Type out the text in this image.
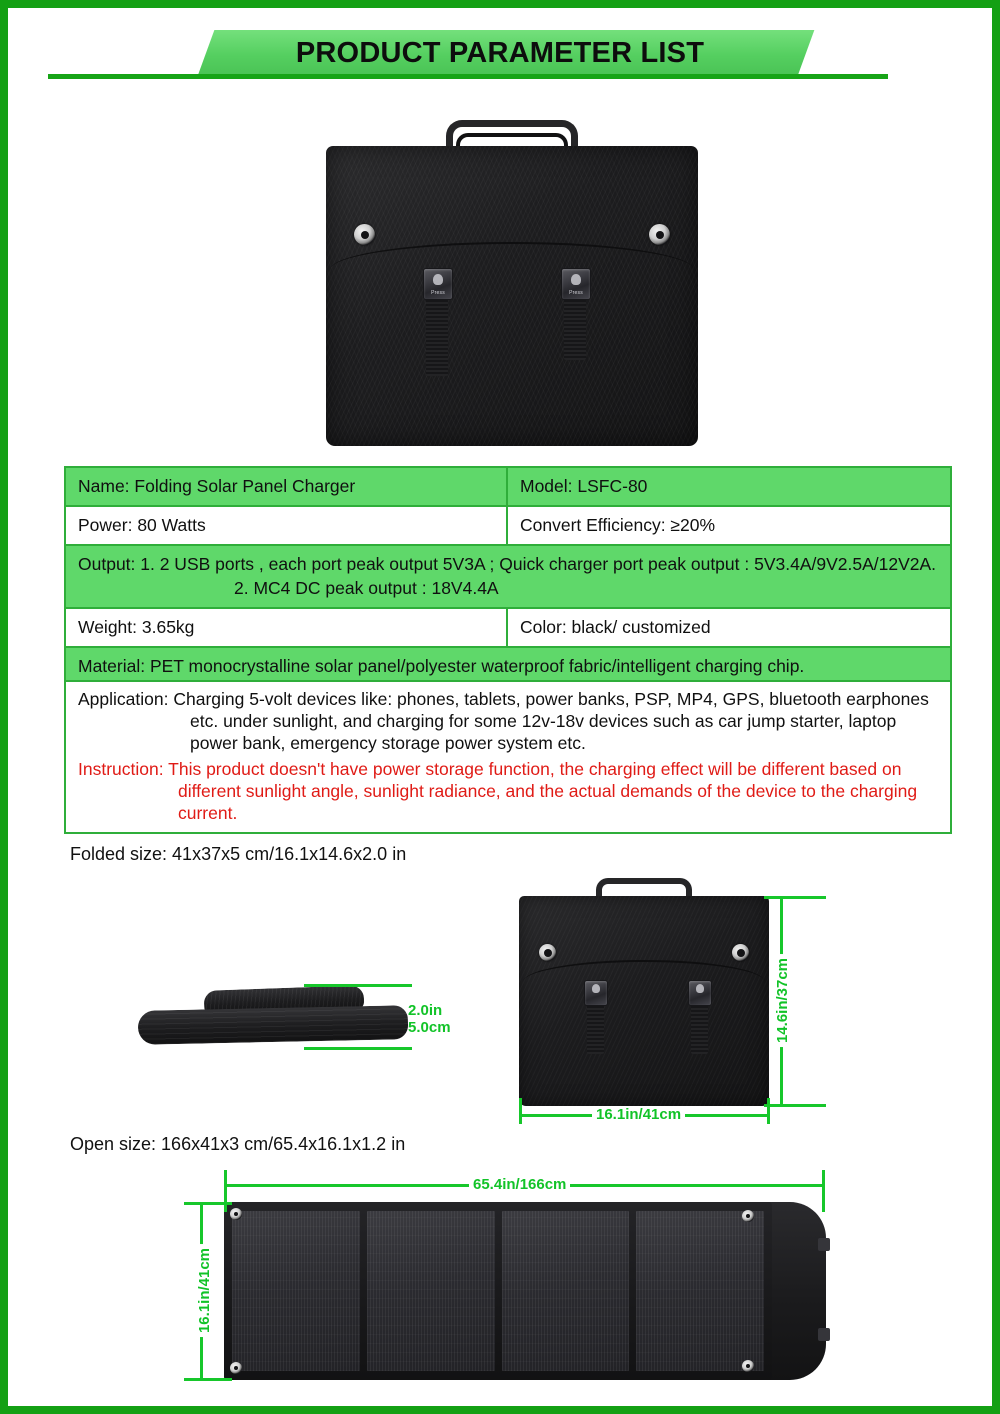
PRODUCT PARAMETER LIST
Press	Press
Name: Folding Solar Panel Charger	Model: LSFC-80
Power: 80 Watts	Convert Efficiency: ≥20%
Output: 1. 2 USB ports , each port peak output 5V3A ; Quick charger port peak output : 5V3.4A/9V2.5A/12V2A.
2. MC4 DC peak output : 18V4.4A
Weight: 3.65kg	Color: black/ customized
Material: PET monocrystalline solar panel/polyester waterproof fabric/intelligent charging chip.

Application: Charging 5-volt devices like: phones, tablets, power banks, PSP, MP4, GPS, bluetooth earphones etc. under sunlight, and charging for some 12v-18v devices such as car jump starter, laptop power bank, emergency storage power system etc.

Instruction: This product doesn't have power storage function, the charging effect will be different based on different sunlight angle, sunlight radiance, and the actual demands of the device to the charging current.

Folded size: 41x37x5 cm/16.1x14.6x2.0 in
2.0in
5.0cm	14.6in/37cm
16.1in/41cm
Open size: 166x41x3 cm/65.4x16.1x1.2 in
65.4in/166cm
16.1in/41cm
